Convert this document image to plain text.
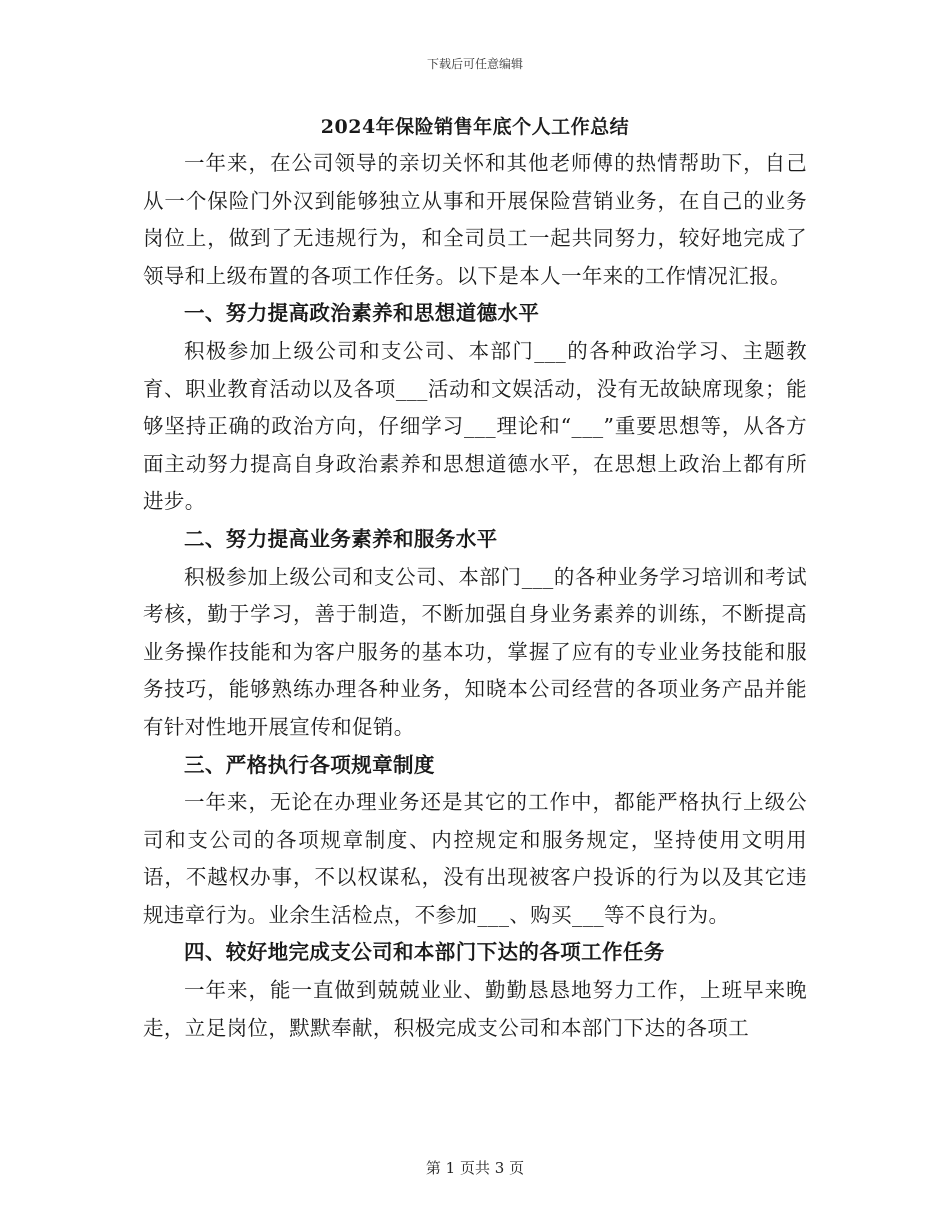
下载后可任意编辑
2024年保险销售年底个人工作总结

一年来，在公司领导的亲切关怀和其他老师傅的热情帮助下，自己从一个保险门外汉到能够独立从事和开展保险营销业务，在自己的业务岗位上，做到了无违规行为，和全司员工一起共同努力，较好地完成了领导和上级布置的各项工作任务。以下是本人一年来的工作情况汇报。

一、努力提高政治素养和思想道德水平

积极参加上级公司和支公司、本部门___的各种政治学习、主题教育、职业教育活动以及各项___活动和文娱活动，没有无故缺席现象；能够坚持正确的政治方向，仔细学习___理论和“___”重要思想等，从各方面主动努力提高自身政治素养和思想道德水平，在思想上政治上都有所进步。

二、努力提高业务素养和服务水平

积极参加上级公司和支公司、本部门___的各种业务学习培训和考试考核，勤于学习，善于制造，不断加强自身业务素养的训练，不断提高业务操作技能和为客户服务的基本功，掌握了应有的专业业务技能和服务技巧，能够熟练办理各种业务，知晓本公司经营的各项业务产品并能有针对性地开展宣传和促销。

三、严格执行各项规章制度

一年来，无论在办理业务还是其它的工作中，都能严格执行上级公司和支公司的各项规章制度、内控规定和服务规定，坚持使用文明用语，不越权办事，不以权谋私，没有出现被客户投诉的行为以及其它违规违章行为。业余生活检点，不参加___、购买___等不良行为。

四、较好地完成支公司和本部门下达的各项工作任务

一年来，能一直做到兢兢业业、勤勤恳恳地努力工作，上班早来晚走，立足岗位，默默奉献，积极完成支公司和本部门下达的各项工

第 1 页共 3 页
